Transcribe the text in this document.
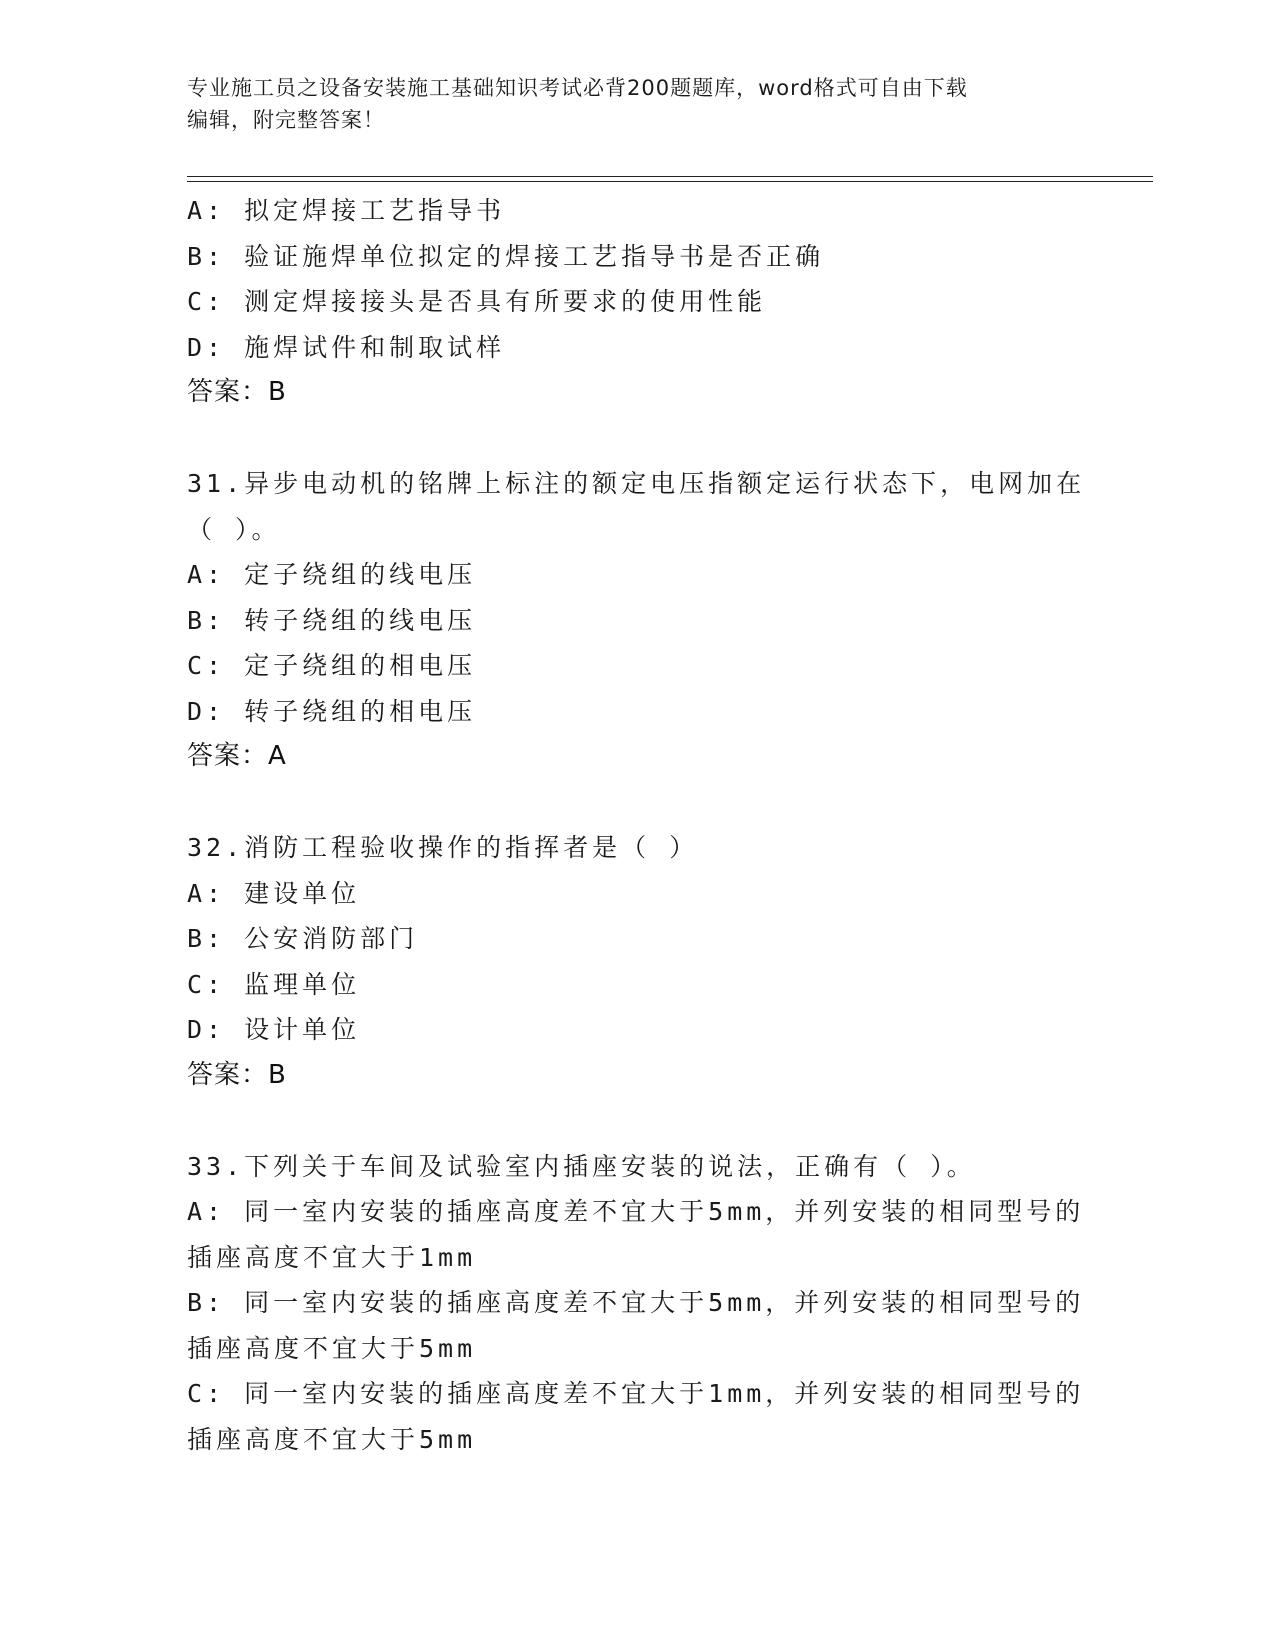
专业施工员之设备安装施工基础知识考试必背200题题库，word格式可自由下载
编辑，附完整答案！
A: 拟定焊接工艺指导书
B: 验证施焊单位拟定的焊接工艺指导书是否正确
C: 测定焊接接头是否具有所要求的使用性能
D: 施焊试件和制取试样
答案：B
31.异步电动机的铭牌上标注的额定电压指额定运行状态下，电网加在
（ ）。
A: 定子绕组的线电压
B: 转子绕组的线电压
C: 定子绕组的相电压
D: 转子绕组的相电压
答案：A
32.消防工程验收操作的指挥者是（ ）
A: 建设单位
B: 公安消防部门
C: 监理单位
D: 设计单位
答案：B
33.下列关于车间及试验室内插座安装的说法，正确有（ ）。
A: 同一室内安装的插座高度差不宜大于5mm，并列安装的相同型号的
插座高度不宜大于1mm
B: 同一室内安装的插座高度差不宜大于5mm，并列安装的相同型号的
插座高度不宜大于5mm
C: 同一室内安装的插座高度差不宜大于1mm，并列安装的相同型号的
插座高度不宜大于5mm
